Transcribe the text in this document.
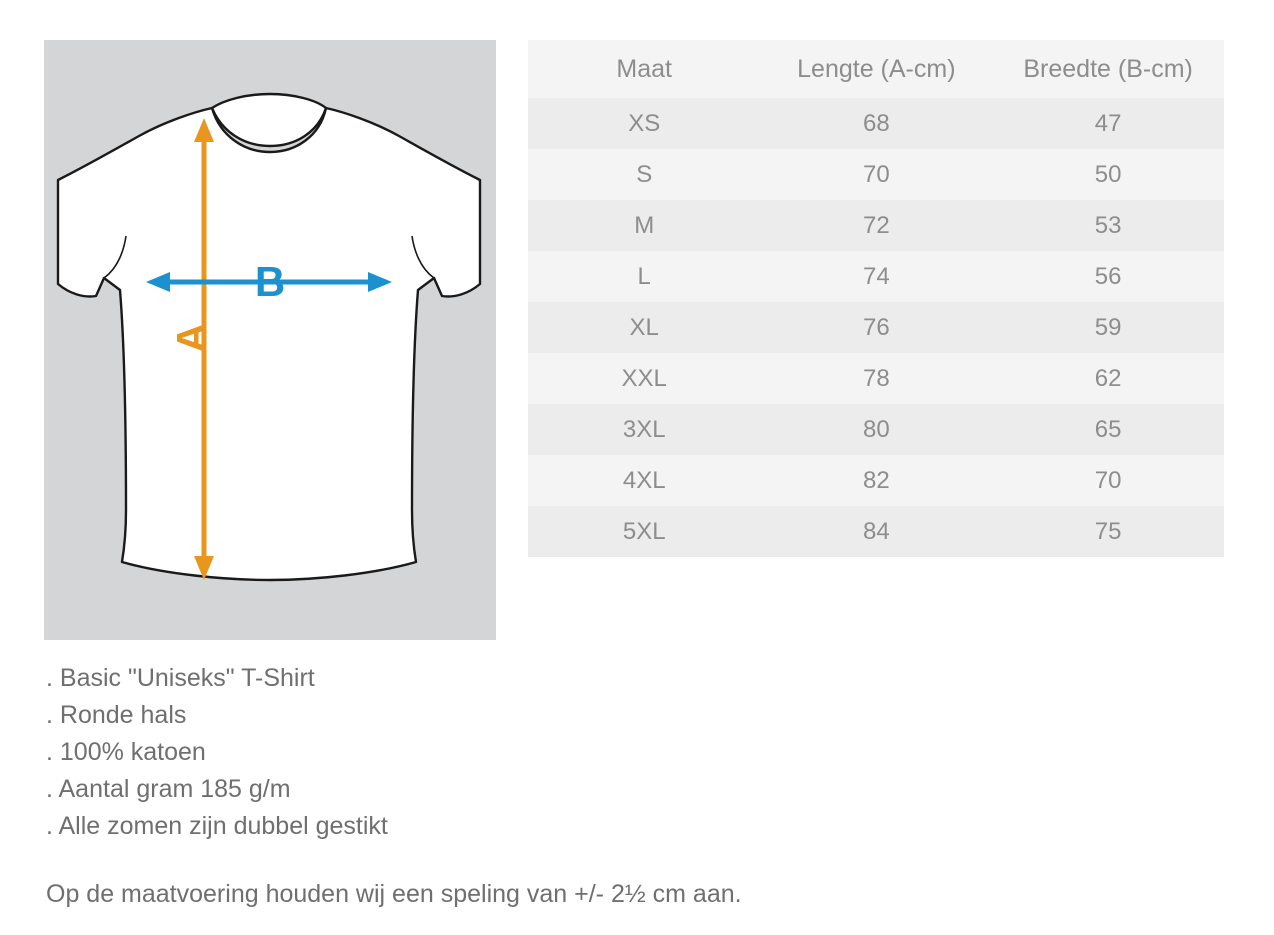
A
B
Maat	Lengte (A-cm)	Breedte (B-cm)
XS	68	47
S	70	50
M	72	53
L	74	56
XL	76	59
XXL	78	62
3XL	80	65
4XL	82	70
5XL	84	75
. Basic "Uniseks" T-Shirt
. Ronde hals
. 100% katoen
. Aantal gram 185 g/m
. Alle zomen zijn dubbel gestikt
Op de maatvoering houden wij een speling van +/- 2½ cm aan.
